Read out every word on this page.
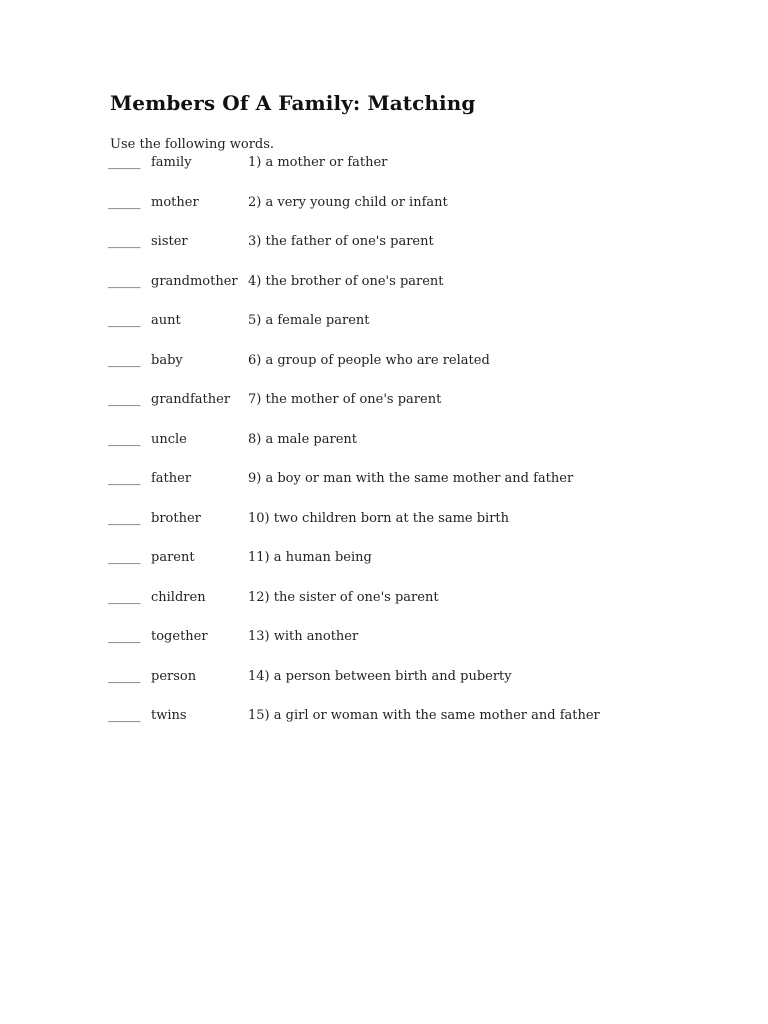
Members Of A Family: Matching
Use the following words.
_____ family	1) a mother or father
_____ mother	2) a very young child or infant
_____ sister	3) the father of one's parent
_____ grandmother 4) the brother of one's parent
_____ aunt	5) a female parent
_____ baby	6) a group of people who are related
_____ grandfather 7) the mother of one's parent
_____ uncle	8) a male parent
_____ father	9) a boy or man with the same mother and father
_____ brother	10) two children born at the same birth
_____ parent	11) a human being
_____ children	12) the sister of one's parent
_____ together	13) with another
_____ person	14) a person between birth and puberty
_____ twins	15) a girl or woman with the same mother and father
